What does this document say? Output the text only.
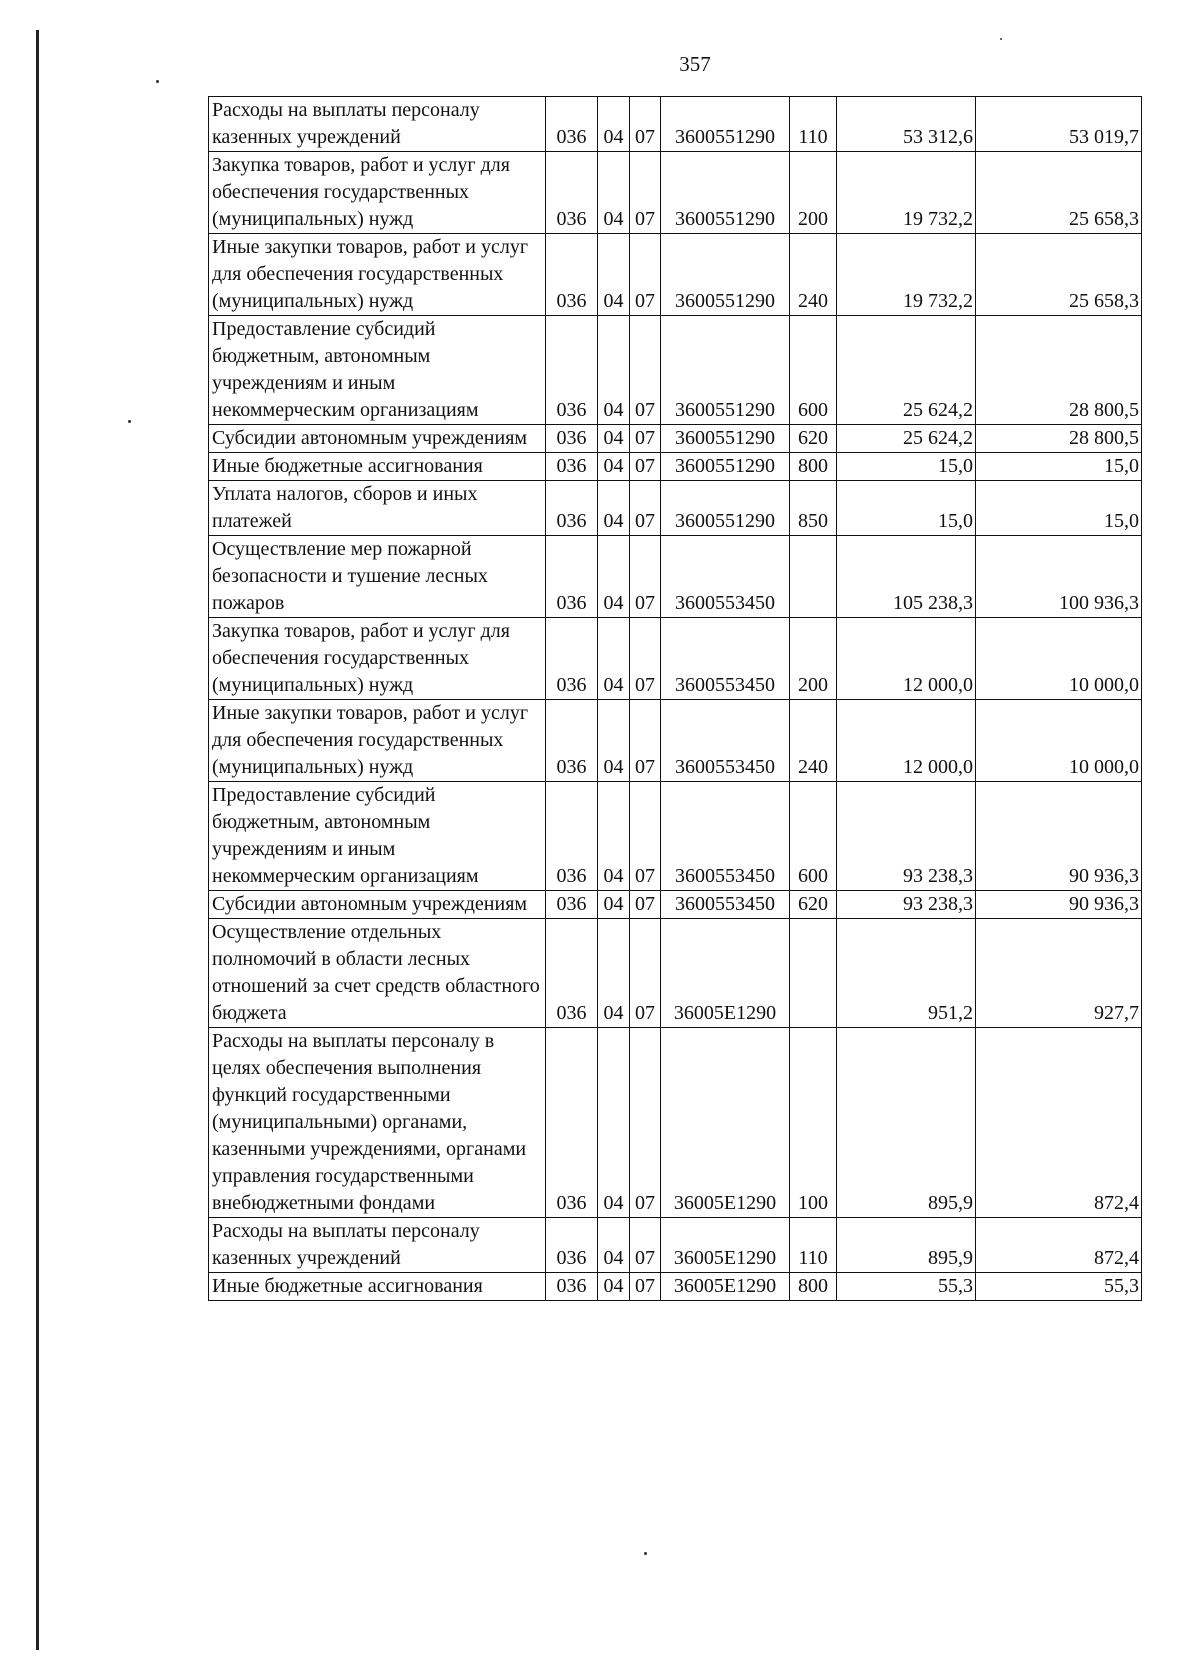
357
Расходы на выплаты персоналу казенных учреждений	036	04	07	3600551290	110	53 312,6	53 019,7
Закупка товаров, работ и услуг для обеспечения государственных (муниципальных) нужд	036	04	07	3600551290	200	19 732,2	25 658,3
Иные закупки товаров, работ и услуг для обеспечения государственных (муниципальных) нужд	036	04	07	3600551290	240	19 732,2	25 658,3
Предоставление субсидий бюджетным, автономным учреждениям и иным некоммерческим организациям	036	04	07	3600551290	600	25 624,2	28 800,5
Субсидии автономным учреждениям	036	04	07	3600551290	620	25 624,2	28 800,5
Иные бюджетные ассигнования	036	04	07	3600551290	800	15,0	15,0
Уплата налогов, сборов и иных платежей	036	04	07	3600551290	850	15,0	15,0
Осуществление мер пожарной безопасности и тушение лесных пожаров	036	04	07	3600553450		105 238,3	100 936,3
Закупка товаров, работ и услуг для обеспечения государственных (муниципальных) нужд	036	04	07	3600553450	200	12 000,0	10 000,0
Иные закупки товаров, работ и услуг для обеспечения государственных (муниципальных) нужд	036	04	07	3600553450	240	12 000,0	10 000,0
Предоставление субсидий бюджетным, автономным учреждениям и иным некоммерческим организациям	036	04	07	3600553450	600	93 238,3	90 936,3
Субсидии автономным учреждениям	036	04	07	3600553450	620	93 238,3	90 936,3
Осуществление отдельных полномочий в области лесных отношений за счет средств областного бюджета	036	04	07	36005Е1290		951,2	927,7
Расходы на выплаты персоналу в целях обеспечения выполнения функций государственными (муниципальными) органами, казенными учреждениями, органами управления государственными внебюджетными фондами	036	04	07	36005Е1290	100	895,9	872,4
Расходы на выплаты персоналу казенных учреждений	036	04	07	36005Е1290	110	895,9	872,4
Иные бюджетные ассигнования	036	04	07	36005Е1290	800	55,3	55,3
